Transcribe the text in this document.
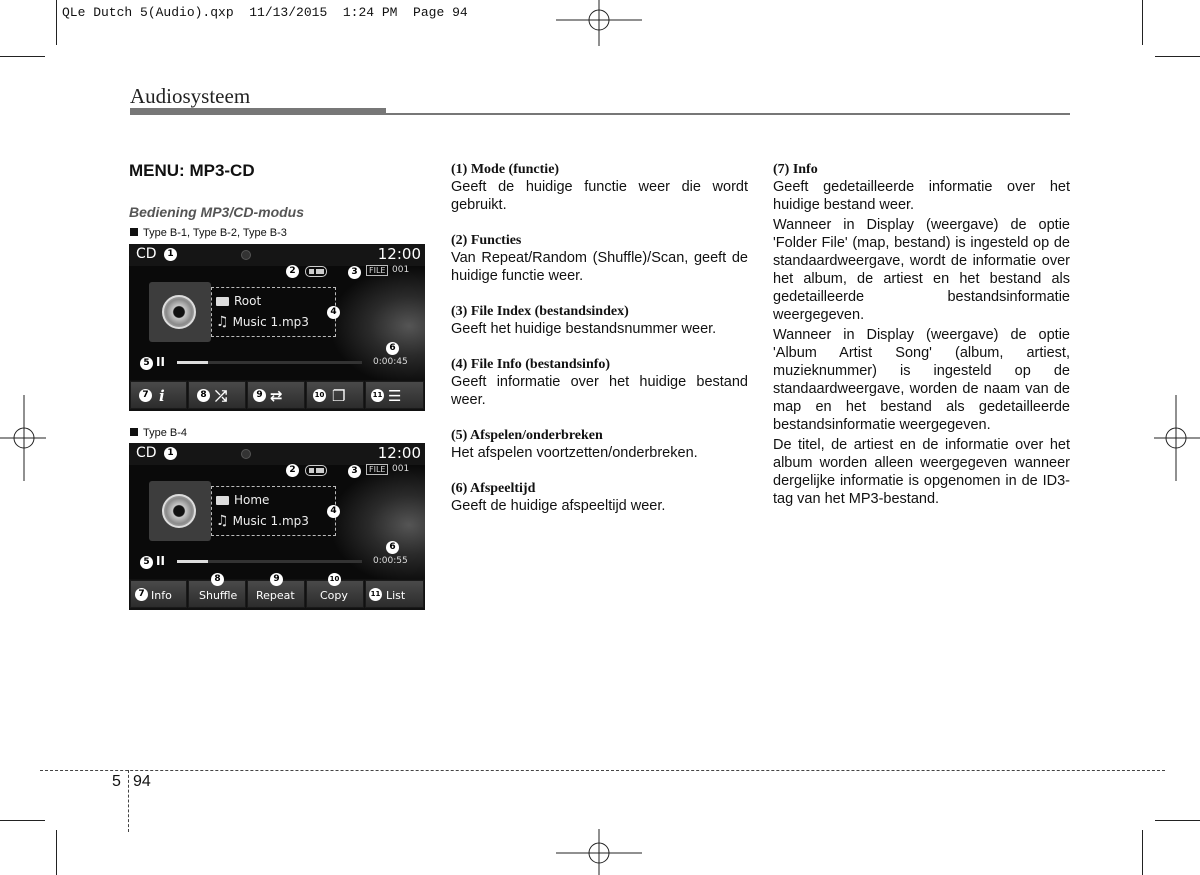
QLe Dutch 5(Audio).qxp  11/13/2015  1:24 PM  Page 94
Audiosysteem
MENU: MP3-CD
Bediening MP3/CD-modus
Type B-1, Type B-2, Type B-3
CD	1	12:00
2	3	FILE 001
Root
♫ Music 1.mp3
4
5 II
6
0:00:45
7 i	8 ⤮	9 ⇄	10 ❐	11 ☰
Type B-4
CD	1	12:00
2	3	FILE 001
Home
♫ Music 1.mp3
4
5 II
6
0:00:55
7 Info
8
Shuffle
9
Repeat
10
Copy	11 List
(1) Mode (functie)

Geeft de huidige functie weer die wordt gebruikt.

(2) Functies

Van Repeat/Random (Shuffle)/Scan, geeft de huidige functie weer.

(3) File Index (bestandsindex)

Geeft het huidige bestandsnummer weer.

(4) File Info (bestandsinfo)

Geeft informatie over het huidige bestand weer.

(5) Afspelen/onderbreken

Het afspelen voortzetten/onderbreken.

(6) Afspeeltijd

Geeft de huidige afspeeltijd weer.

(7) Info

Geeft gedetailleerde informatie over het huidige bestand weer.

Wanneer in Display (weergave) de optie 'Folder File' (map, bestand) is ingesteld op de standaardweergave, wordt de informatie over het album, de artiest en het bestand als gedetailleerde bestandsinformatie weergegeven.

Wanneer in Display (weergave) de optie 'Album Artist Song' (album, artiest, muzieknummer) is ingesteld op de standaardweergave, worden de naam van de map en het bestand als gedetailleerde bestandsinformatie weergegeven.

De titel, de artiest en de informatie over het album worden alleen weergegeven wanneer dergelijke informatie is opgenomen in de ID3-tag van het MP3-bestand.

5 94
